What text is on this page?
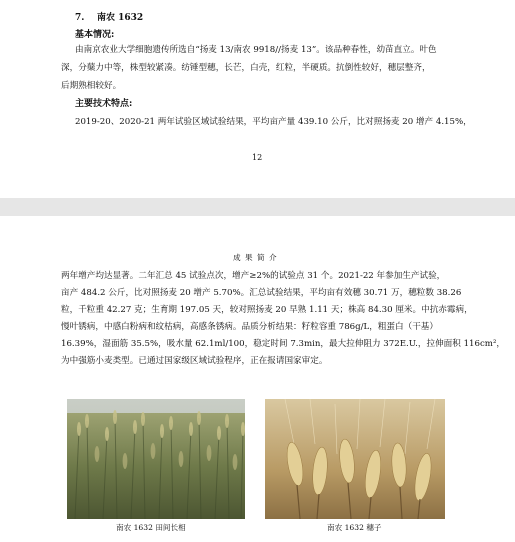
7. 南农 1632
基本情况:
由南京农业大学细胞遗传所选自“扬麦 13/南农 9918//扬麦 13”。该品种春性，幼苗直立。叶色
深，分蘖力中等，株型较紧凑。纺锤型穗，长芒，白壳，红粒，半硬质。抗倒性较好，穗层整齐，
后期熟相较好。
主要技术特点:
2019-20、2020-21 两年试验区域试验结果，平均亩产量 439.10 公斤，比对照扬麦 20 增产 4.15%，
12
成 果 简 介
两年增产均达显著。二年汇总 45 试验点次，增产≥2%的试验点 31 个。2021-22 年参加生产试验，
亩产 484.2 公斤，比对照扬麦 20 增产 5.70%。汇总试验结果，平均亩有效穗 30.71 万，穗粒数 38.26
粒，千粒重 42.27 克；生育期 197.05 天，较对照扬麦 20 早熟 1.11 天；株高 84.30 厘米。中抗赤霉病，
慢叶锈病，中感白粉病和纹枯病，高感条锈病。品质分析结果：籽粒容重 786g/L，粗蛋白（干基）
16.39%，湿面筋 35.5%，吸水量 62.1ml/100，稳定时间 7.3min，最大拉伸阻力 372E.U.，拉伸面积 116cm²，
为中强筋小麦类型。已通过国家级区域试验程序，正在报请国家审定。
南农 1632 田间长相	南农 1632 穗子
